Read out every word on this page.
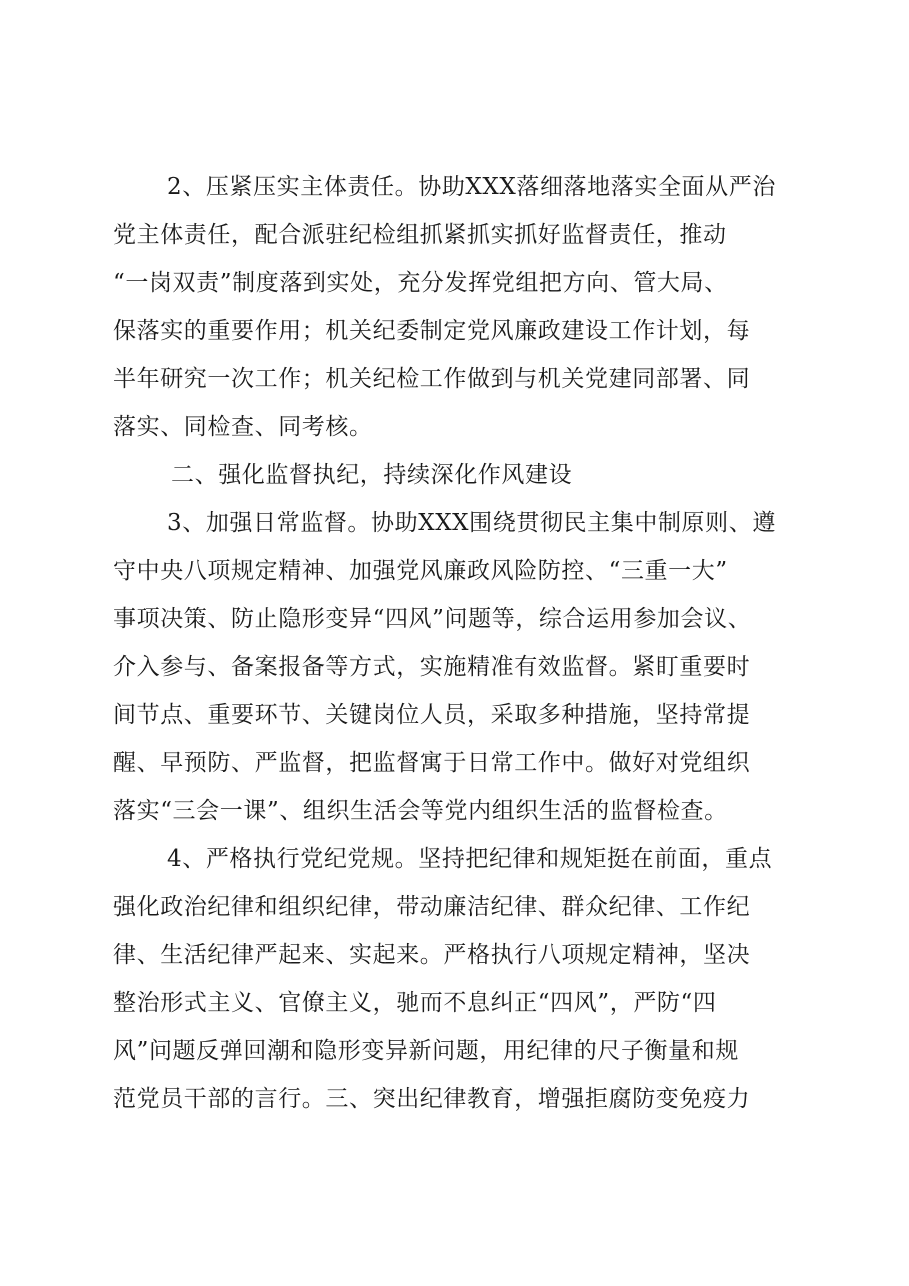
2、压紧压实主体责任。协助XXX落细落地落实全面从严治
党主体责任，配合派驻纪检组抓紧抓实抓好监督责任，推动
“一岗双责”制度落到实处，充分发挥党组把方向、管大局、
保落实的重要作用；机关纪委制定党风廉政建设工作计划，每
半年研究一次工作；机关纪检工作做到与机关党建同部署、同
落实、同检查、同考核。
二、强化监督执纪，持续深化作风建设
3、加强日常监督。协助XXX围绕贯彻民主集中制原则、遵
守中央八项规定精神、加强党风廉政风险防控、“三重一大”
事项决策、防止隐形变异“四风”问题等，综合运用参加会议、
介入参与、备案报备等方式，实施精准有效监督。紧盯重要时
间节点、重要环节、关键岗位人员，采取多种措施，坚持常提
醒、早预防、严监督，把监督寓于日常工作中。做好对党组织
落实“三会一课”、组织生活会等党内组织生活的监督检查。
4、严格执行党纪党规。坚持把纪律和规矩挺在前面，重点
强化政治纪律和组织纪律，带动廉洁纪律、群众纪律、工作纪
律、生活纪律严起来、实起来。严格执行八项规定精神，坚决
整治形式主义、官僚主义，驰而不息纠正“四风”，严防“四
风”问题反弹回潮和隐形变异新问题，用纪律的尺子衡量和规
范党员干部的言行。三、突出纪律教育，增强拒腐防变免疫力
